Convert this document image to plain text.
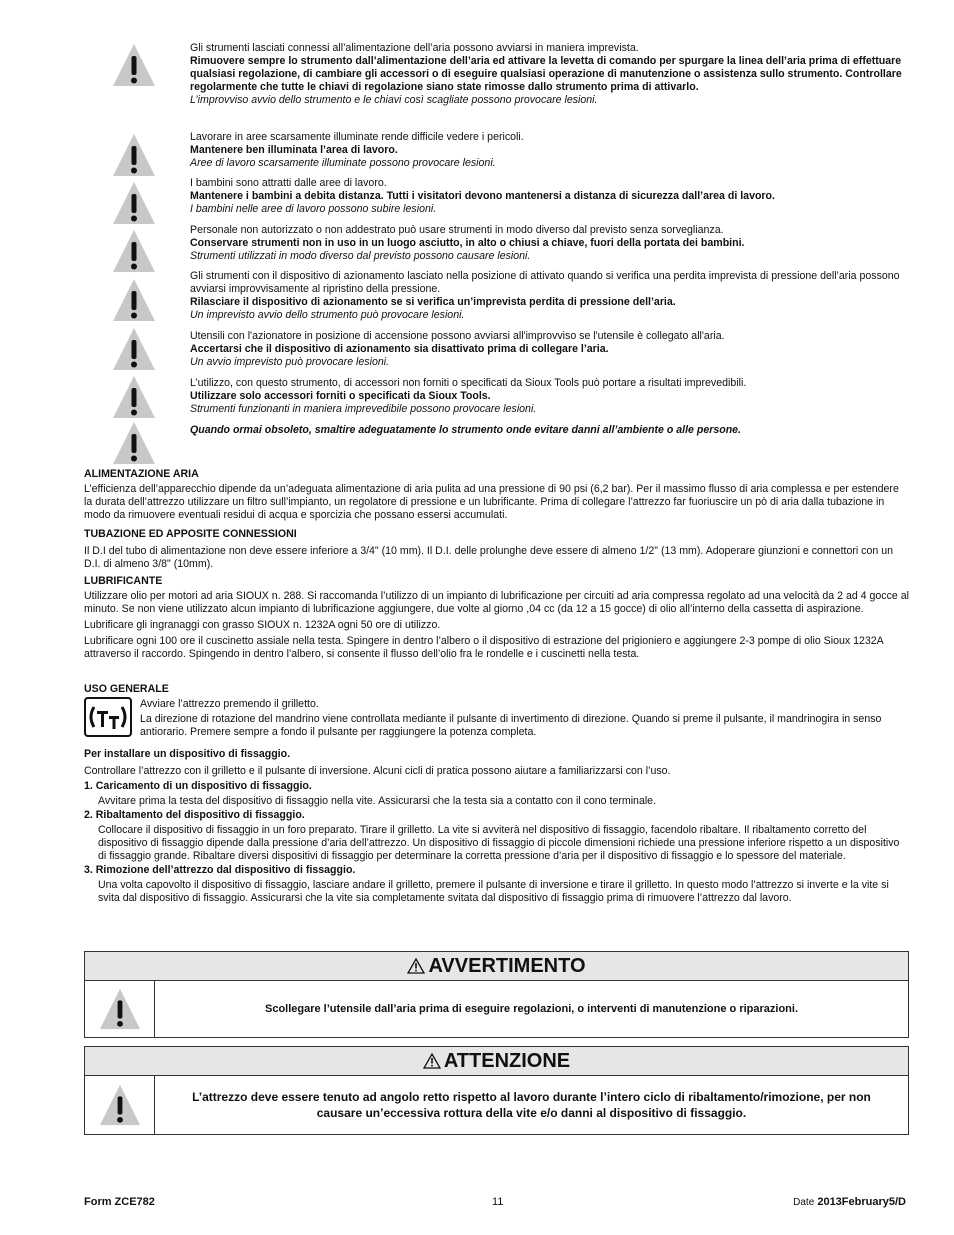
Gli strumenti lasciati connessi all’alimentazione dell’aria possono avviarsi in maniera imprevista.

Rimuovere sempre lo strumento dall’alimentazione dell’aria ed attivare la levetta di comando per spurgare la linea dell’aria prima di effettuare qualsiasi regolazione, di cambiare gli accessori o di eseguire qualsiasi operazione di manutenzione o assistenza sullo strumento. Controllare regolarmente che tutte le chiavi di regolazione siano state rimosse dallo strumento prima di attivarlo.

L’improvviso avvio dello strumento e le chiavi così scagliate possono provocare lesioni.

Lavorare in aree scarsamente illuminate rende difficile vedere i pericoli.

Mantenere ben illuminata l’area di lavoro.

Aree di lavoro scarsamente illuminate possono provocare lesioni.

I bambini sono attratti dalle aree di lavoro.

Mantenere i bambini a debita distanza. Tutti i visitatori devono mantenersi a distanza di sicurezza dall’area di lavoro.

I bambini nelle aree di lavoro possono subire lesioni.

Personale non autorizzato o non addestrato può usare strumenti in modo diverso dal previsto senza sorveglianza.

Conservare strumenti non in uso in un luogo asciutto, in alto o chiusi a chiave, fuori della portata dei bambini.

Strumenti utilizzati in modo diverso dal previsto possono causare lesioni.

Gli strumenti con il dispositivo di azionamento lasciato nella posizione di attivato quando si verifica una perdita imprevista di pressione dell’aria possono avviarsi improvvisamente al ripristino della pressione.

Rilasciare il dispositivo di azionamento se si verifica un’imprevista perdita di pressione dell’aria.

Un imprevisto avvio dello strumento può provocare lesioni.

Utensili con l'azionatore in posizione di accensione possono avviarsi all'improvviso se l'utensile è collegato all'aria.

Accertarsi che il dispositivo di azionamento sia disattivato prima di collegare l’aria.

Un avvio imprevisto può provocare lesioni.

L’utilizzo, con questo strumento, di accessori non forniti o specificati da Sioux Tools può portare a risultati imprevedibili.

Utilizzare solo accessori forniti o specificati da Sioux Tools.

Strumenti funzionanti in maniera imprevedibile possono provocare lesioni.

Quando ormai obsoleto, smaltire adeguatamente lo strumento onde evitare danni all’ambiente o alle persone.

ALIMENTAZIONE ARIA

L’efficienza dell’apparecchio dipende da un’adeguata alimentazione di aria pulita ad una pressione di 90 psi (6,2 bar). Per il massimo flusso di aria complessa e per estendere la durata dell’attrezzo utilizzare un filtro sull’impianto, un regolatore di pressione e un lubrificante. Prima di collegare l’attrezzo far fuoriuscire un pò di aria dalla tubazione in modo da rimuovere eventuali residui di acqua e sporcizia che possano essersi accumulati.

TUBAZIONE ED APPOSITE CONNESSIONI

Il D.I del tubo di alimentazione non deve essere inferiore a 3/4" (10 mm). Il D.I. delle prolunghe deve essere di almeno 1/2" (13 mm). Adoperare giunzioni e connettori con un D.I. di almeno 3/8" (10mm).

LUBRIFICANTE

Utilizzare olio per motori ad aria SIOUX n. 288. Si raccomanda l’utilizzo di un impianto di lubrificazione per circuiti ad aria compressa regolato ad una velocità da 2 ad 4 gocce al minuto. Se non viene utilizzato alcun impianto di lubrificazione aggiungere, due volte al giorno ,04 cc (da 12 a 15 gocce) di olio all’interno della cassetta di aspirazione.

Lubrificare gli ingranaggi con grasso SIOUX n. 1232A ogni 50 ore di utilizzo.

Lubrificare ogni 100 ore il cuscinetto assiale nella testa. Spingere in dentro l’albero o il dispositivo di estrazione del prigioniero e aggiungere 2-3 pompe di olio Sioux 1232A attraverso il raccordo. Spingendo in dentro l’albero, si consente il flusso dell’olio fra le rondelle e i cuscinetti nella testa.

USO GENERALE

Avviare l’attrezzo premendo il grilletto.

La direzione di rotazione del mandrino viene controllata mediante il pulsante di invertimento di direzione. Quando si preme il pulsante, il mandrinogira in senso antiorario. Premere sempre a fondo il pulsante per raggiungere la potenza completa.

Per installare un dispositivo di fissaggio.

Controllare l’attrezzo con il grilletto e il pulsante di inversione. Alcuni cicli di pratica possono aiutare a familiarizzarsi con l’uso.

1. Caricamento di un dispositivo di fissaggio.

Avvitare prima la testa del dispositivo di fissaggio nella vite. Assicurarsi che la testa sia a contatto con il cono terminale.

2. Ribaltamento del dispositivo di fissaggio.

Collocare il dispositivo di fissaggio in un foro preparato. Tirare il grilletto. La vite si avviterà nel dispositivo di fissaggio, facendolo ribaltare. Il ribaltamento corretto del dispositivo di fissaggio dipende dalla pressione d’aria dell’attrezzo. Un dispositivo di fissaggio di piccole dimensioni richiede una pressione inferiore rispetto a un dispositivo di fissaggio grande. Ribaltare diversi dispositivi di fissaggio per determinare la corretta pressione d’aria per il dispositivo di fissaggio e lo spessore del materiale.

3. Rimozione dell’attrezzo dal dispositivo di fissaggio.

Una volta capovolto il dispositivo di fissaggio, lasciare andare il grilletto, premere il pulsante di inversione e tirare il grilletto. In questo modo l’attrezzo si inverte e la vite si svita dal dispositivo di fissaggio. Assicurarsi che la vite sia completamente svitata dal dispositivo di fissaggio prima di rimuovere l’attrezzo dal lavoro.

AVVERTIMENTO
Scollegare l’utensile dall’aria prima di eseguire regolazioni, o interventi di manutenzione o riparazioni.
ATTENZIONE
L’attrezzo deve essere tenuto ad angolo retto rispetto al lavoro durante l’intero ciclo di ribaltamento/rimozione, per non causare un’eccessiva rottura della vite e/o danni al dispositivo di fissaggio.
Form ZCE782	11	Date 2013February5/D
